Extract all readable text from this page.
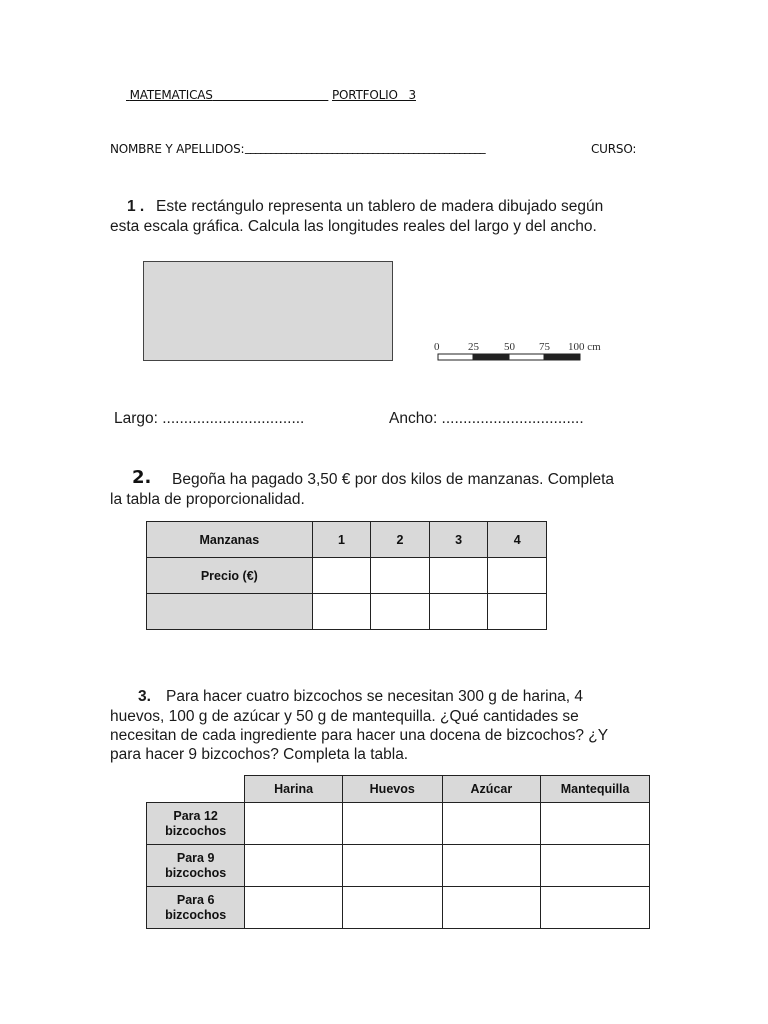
MATEMATICAS	PORTFOLIO   3
NOMBRE Y APELLIDOS: _______________________________________________	CURSO:
1 . Este rectángulo representa un tablero de madera dibujado según
esta escala gráfica. Calcula las longitudes reales del largo y del ancho.
0	25 50 75 100 cm
Largo: .................................	Ancho: .................................
2. Begoña ha pagado 3,50 € por dos kilos de manzanas. Completa
la tabla de proporcionalidad.
Manzanas	1	2	3	4
Precio (€)				

3. Para hacer cuatro bizcochos se necesitan 300 g de harina, 4
huevos, 100 g de azúcar y 50 g de mantequilla. ¿Qué cantidades se
necesitan de cada ingrediente para hacer una docena de bizcochos? ¿Y
para hacer 9 bizcochos? Completa la tabla.
	Harina	Huevos	Azúcar	Mantequilla
Para 12
bizcochos				
Para 9
bizcochos				
Para 6
bizcochos				
